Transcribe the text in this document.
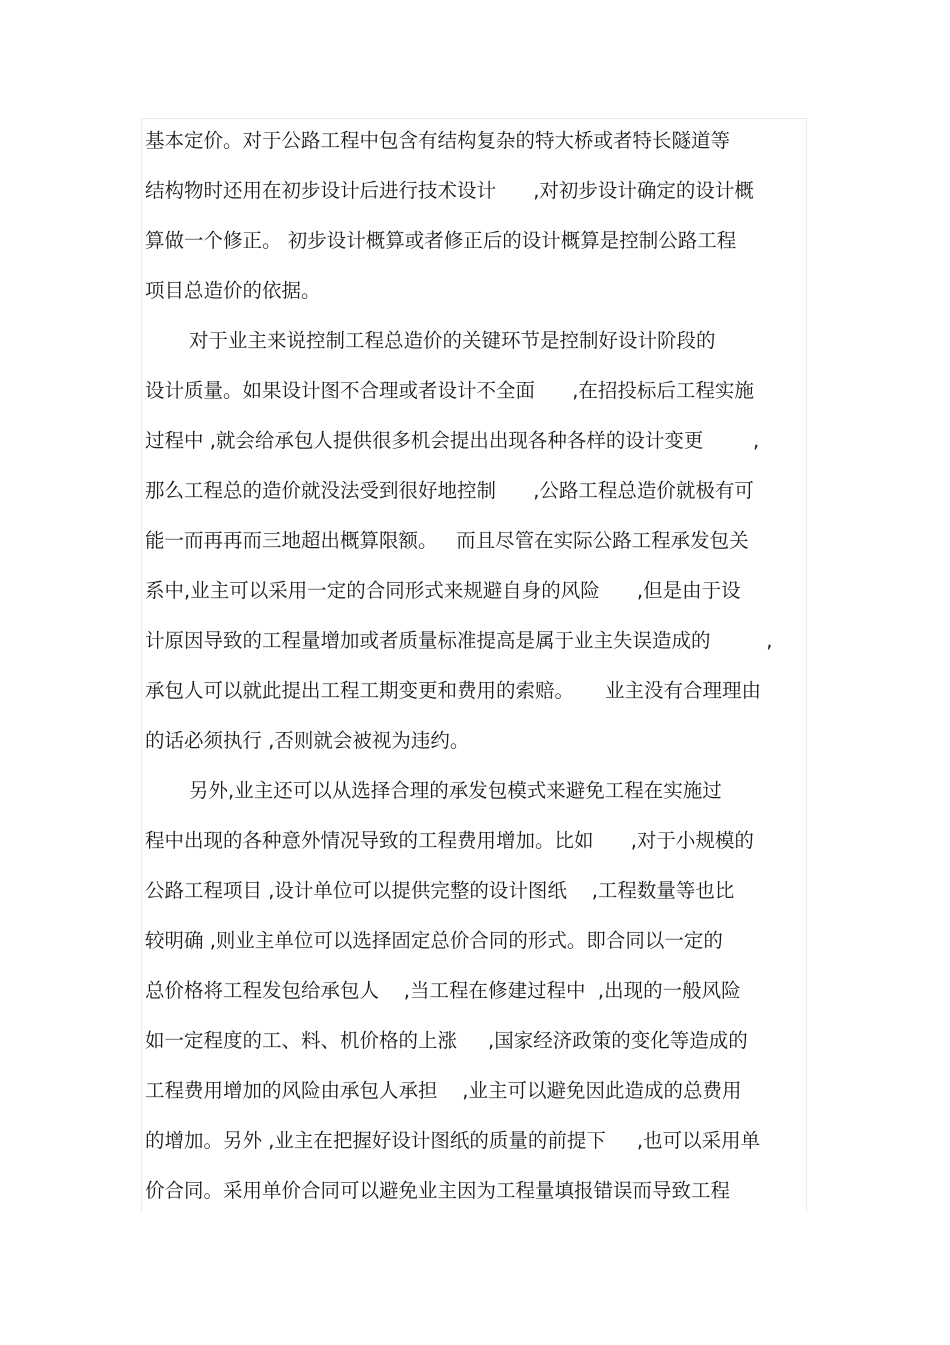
基本定价。对于公路工程中包含有结构复杂的特大桥或者特长隧道等
结构物时还用在初步设计后进行技术设计      ,对初步设计确定的设计概
算做一个修正。 初步设计概算或者修正后的设计概算是控制公路工程
项目总造价的依据。
对于业主来说控制工程总造价的关键环节是控制好设计阶段的
设计质量。如果设计图不合理或者设计不全面      ,在招投标后工程实施
过程中 ,就会给承包人提供很多机会提出出现各种各样的设计变更        ,
那么工程总的造价就没法受到很好地控制      ,公路工程总造价就极有可
能一而再再而三地超出概算限额。   而且尽管在实际公路工程承发包关
系中,业主可以采用一定的合同形式来规避自身的风险      ,但是由于设
计原因导致的工程量增加或者质量标准提高是属于业主失误造成的         ,
承包人可以就此提出工程工期变更和费用的索赔。     业主没有合理理由
的话必须执行 ,否则就会被视为违约。
另外,业主还可以从选择合理的承发包模式来避免工程在实施过
程中出现的各种意外情况导致的工程费用增加。比如      ,对于小规模的
公路工程项目 ,设计单位可以提供完整的设计图纸    ,工程数量等也比
较明确 ,则业主单位可以选择固定总价合同的形式。即合同以一定的
总价格将工程发包给承包人    ,当工程在修建过程中  ,出现的一般风险
如一定程度的工、料、机价格的上涨     ,国家经济政策的变化等造成的
工程费用增加的风险由承包人承担    ,业主可以避免因此造成的总费用
的增加。另外 ,业主在把握好设计图纸的质量的前提下     ,也可以采用单
价合同。采用单价合同可以避免业主因为工程量填报错误而导致工程
